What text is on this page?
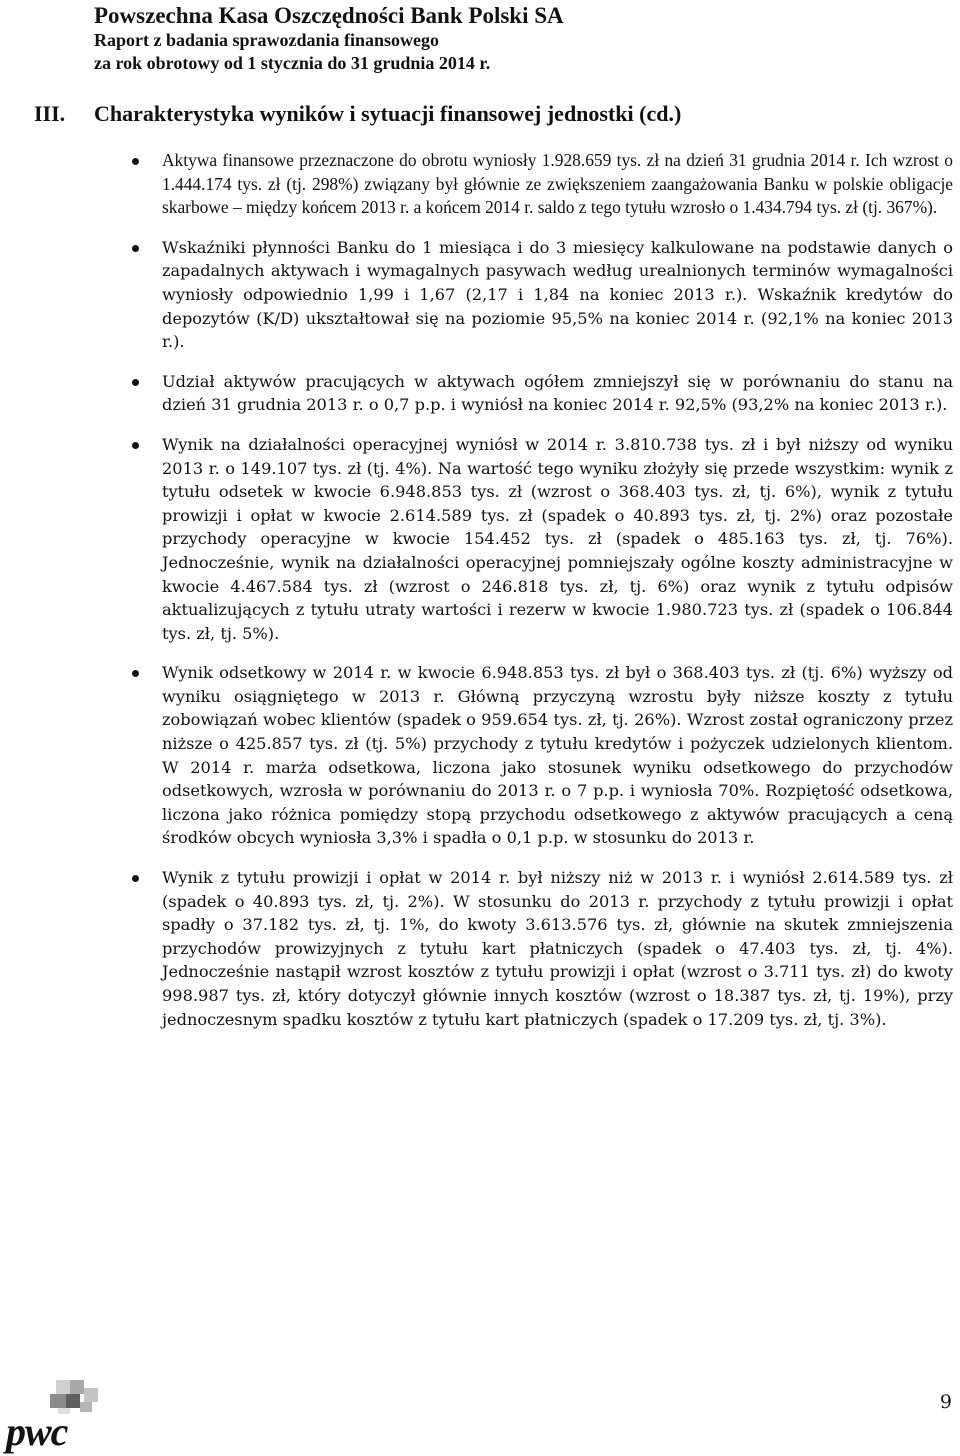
Powszechna Kasa Oszczędności Bank Polski SA
Raport z badania sprawozdania finansowego
za rok obrotowy od 1 stycznia do 31 grudnia 2014 r.
III. Charakterystyka wyników i sytuacji finansowej jednostki (cd.)
Aktywa finansowe przeznaczone do obrotu wyniosły 1.928.659 tys. zł na dzień 31 grudnia 2014 r. Ich wzrost o 1.444.174 tys. zł (tj. 298%) związany był głównie ze zwiększeniem zaangażowania Banku w polskie obligacje skarbowe – między końcem 2013 r. a końcem 2014 r. saldo z tego tytułu wzrosło o 1.434.794 tys. zł (tj. 367%).
Wskaźniki płynności Banku do 1 miesiąca i do 3 miesięcy kalkulowane na podstawie danych o zapadalnych aktywach i wymagalnych pasywach według urealnionych terminów wymagalności wyniosły odpowiednio 1,99 i 1,67 (2,17 i 1,84 na koniec 2013 r.). Wskaźnik kredytów do depozytów (K/D) ukształtował się na poziomie 95,5% na koniec 2014 r. (92,1% na koniec 2013 r.).
Udział aktywów pracujących w aktywach ogółem zmniejszył się w porównaniu do stanu na dzień 31 grudnia 2013 r. o 0,7 p.p. i wyniósł na koniec 2014 r. 92,5% (93,2% na koniec 2013 r.).
Wynik na działalności operacyjnej wyniósł w 2014 r. 3.810.738 tys. zł i był niższy od wyniku 2013 r. o 149.107 tys. zł (tj. 4%). Na wartość tego wyniku złożyły się przede wszystkim: wynik z tytułu odsetek w kwocie 6.948.853 tys. zł (wzrost o 368.403 tys. zł, tj. 6%), wynik z tytułu prowizji i opłat w kwocie 2.614.589 tys. zł (spadek o 40.893 tys. zł, tj. 2%) oraz pozostałe przychody operacyjne w kwocie 154.452 tys. zł (spadek o 485.163 tys. zł, tj. 76%). Jednocześnie, wynik na działalności operacyjnej pomniejszały ogólne koszty administracyjne w kwocie 4.467.584 tys. zł (wzrost o 246.818 tys. zł, tj. 6%) oraz wynik z tytułu odpisów aktualizujących z tytułu utraty wartości i rezerw w kwocie 1.980.723 tys. zł (spadek o 106.844 tys. zł, tj. 5%).
Wynik odsetkowy w 2014 r. w kwocie 6.948.853 tys. zł był o 368.403 tys. zł (tj. 6%) wyższy od wyniku osiągniętego w 2013 r. Główną przyczyną wzrostu były niższe koszty z tytułu zobowiązań wobec klientów (spadek o 959.654 tys. zł, tj. 26%). Wzrost został ograniczony przez niższe o 425.857 tys. zł (tj. 5%) przychody z tytułu kredytów i pożyczek udzielonych klientom. W 2014 r. marża odsetkowa, liczona jako stosunek wyniku odsetkowego do przychodów odsetkowych, wzrosła w porównaniu do 2013 r. o 7 p.p. i wyniosła 70%. Rozpiętość odsetkowa, liczona jako różnica pomiędzy stopą przychodu odsetkowego z aktywów pracujących a ceną środków obcych wyniosła 3,3% i spadła o 0,1 p.p. w stosunku do 2013 r.
Wynik z tytułu prowizji i opłat w 2014 r. był niższy niż w 2013 r. i wyniósł 2.614.589 tys. zł (spadek o 40.893 tys. zł, tj. 2%). W stosunku do 2013 r. przychody z tytułu prowizji i opłat spadły o 37.182 tys. zł, tj. 1%, do kwoty 3.613.576 tys. zł, głównie na skutek zmniejszenia przychodów prowizyjnych z tytułu kart płatniczych (spadek o 47.403 tys. zł, tj. 4%). Jednocześnie nastąpił wzrost kosztów z tytułu prowizji i opłat (wzrost o 3.711 tys. zł) do kwoty 998.987 tys. zł, który dotyczył głównie innych kosztów (wzrost o 18.387 tys. zł, tj. 19%), przy jednoczesnym spadku kosztów z tytułu kart płatniczych (spadek o 17.209 tys. zł, tj. 3%).
pwc
9
